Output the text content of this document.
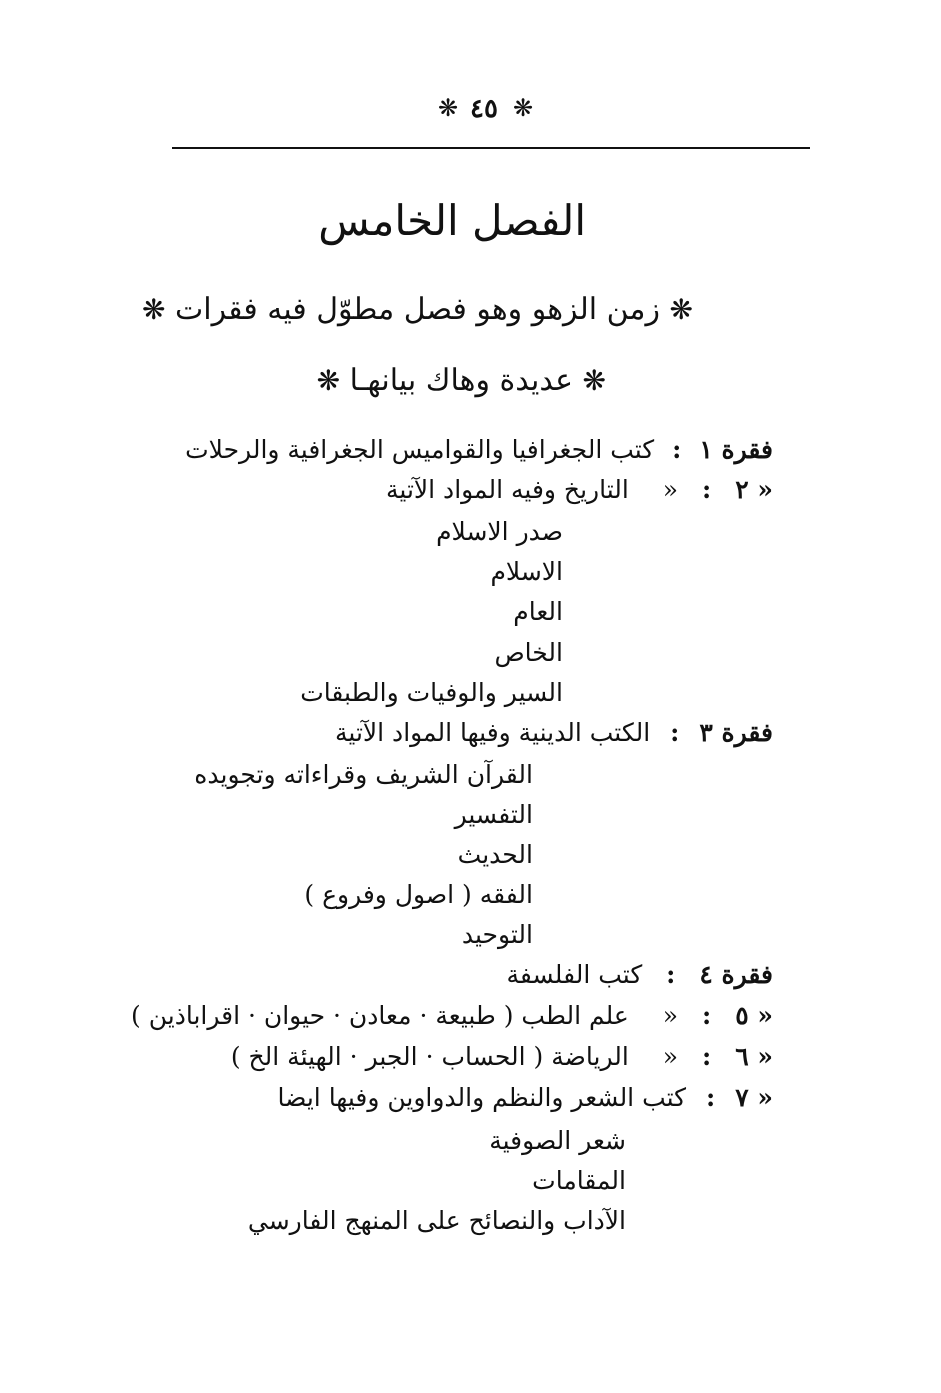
❋ ٤٥ ❋
الفصل الخامس
❋ زمن الزهو وهو فصل مطوّل فيه فقرات ❋
❋ عديدة وهاك بيانهـا ❋
فقرة ١ : كتب الجغرافيا والقواميس الجغرافية والرحلات
« ٢ : « التاريخ وفيه المواد الآتية
صدر الاسلام
الاسلام
العام
الخاص
السير والوفيات والطبقات
فقرة ٣ : الكتب الدينية وفيها المواد الآتية
القرآن الشريف وقراءاته وتجويده
التفسير
الحديث
الفقه ( اصول وفروع )
التوحيد
فقرة ٤ : كتب الفلسفة
« ٥ : « علم الطب ( طبيعة · معادن · حيوان · اقراباذين )
« ٦ : « الرياضة ( الحساب · الجبر · الهيئة الخ )
« ٧ : كتب الشعر والنظم والدواوين وفيها ايضا
شعر الصوفية
المقامات
الآداب والنصائح على المنهج الفارسي
